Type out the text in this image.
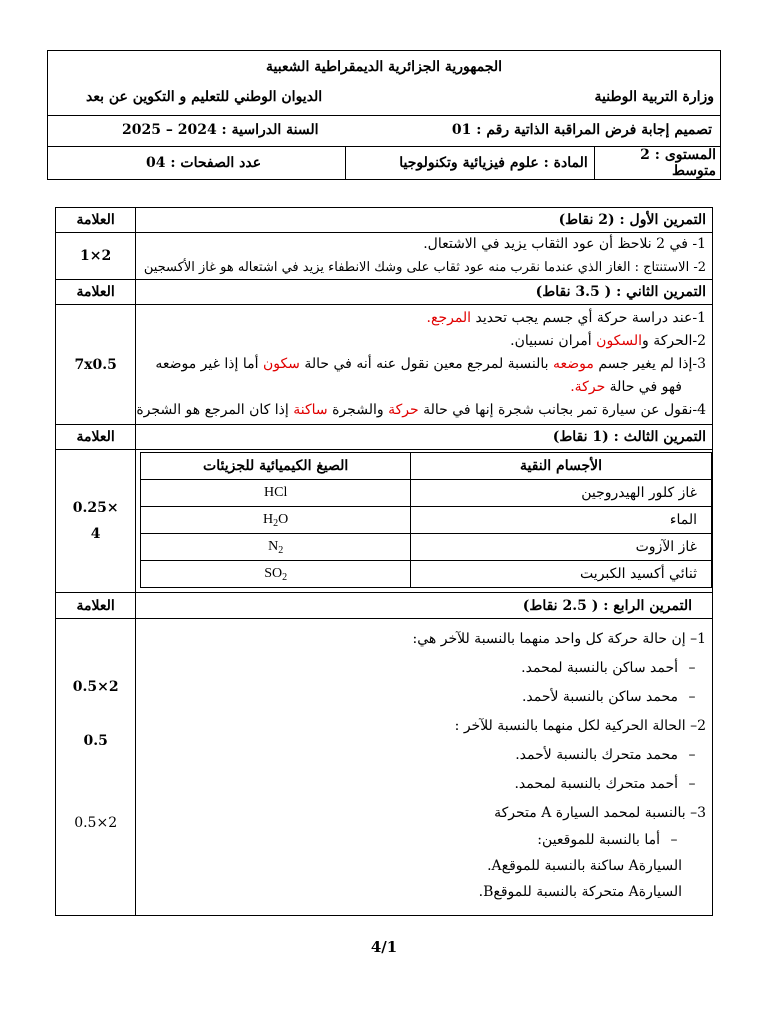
الجمهورية الجزائرية الديمقراطية الشعبية
وزارة التربية الوطنية
الديوان الوطني للتعليم و التكوين عن بعد

تصميم إجابة فرض المراقبة الذاتية رقم : 01
السنة الدراسية : 2024 – 2025

عدد الصفحات : 04	المادة : علوم فيزيائية وتكنولوجيا	المستوى : 2 متوسط
التمرين الأول : (2 نقاط)	العلامة

1- في 2 نلاحظ أن عود الثقاب يزيد في الاشتعال.
2- الاستنتاج : الغاز الذي عندما نقرب منه عود ثقاب على وشك الانطفاء يزيد في اشتعاله هو غاز الأكسجين
	2×1
التمرين الثاني : ( 3.5 نقاط)	العلامة

1-عند دراسة حركة أي جسم يجب تحديد المرجع.
2-الحركة والسكون أمران نسبيان.
3-إذا لم يغير جسم موضعه بالنسبة لمرجع معين نقول عنه أنه في حالة سكون أما إذا غير موضعه
فهو في حالة حركة.
4-نقول عن سيارة تمر بجانب شجرة إنها في حالة حركة والشجرة ساكنة إذا كان المرجع هو الشجرة
	7x0.5
التمرين الثالث : (1 نقاط)	العلامة

الأجسام النقية	الصيغ الكيميائية للجزيئات
غاز كلور الهيدروجين	HCl
الماء	$H_2O$
غاز الآزوت	$N_2$
ثنائي أكسيد الكبريت	$SO_2$

×0.25
4

التمرين الرابع : ( 2.5 نقاط)	العلامة

1– إن حالة حركة كل واحد منهما بالنسبة للآخر هي:
–أحمد ساكن بالنسبة لمحمد.
–محمد ساكن بالنسبة لأحمد.
2– الحالة الحركية لكل منهما بالنسبة للآخر :
–محمد متحرك بالنسبة لأحمد.
–أحمد متحرك بالنسبة لمحمد.
3– بالنسبة لمحمد السيارة A متحركة
–أما بالنسبة للموقعين:
السيارةA ساكنة بالنسبة للموقعA.
السيارةA متحركة بالنسبة للموقعB.

2×0.5
0.5
2×0.5
4/1
